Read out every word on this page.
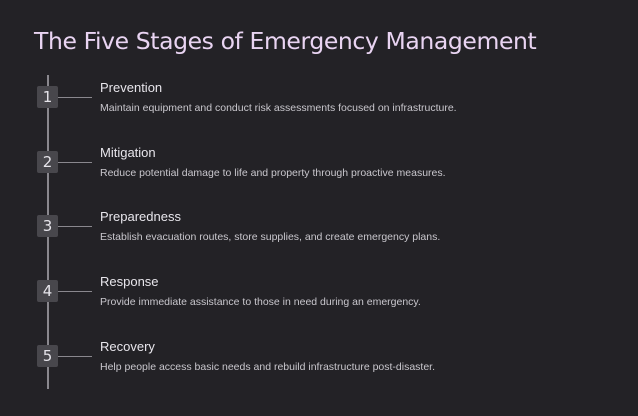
The Five Stages of Emergency Management
1
Prevention
Maintain equipment and conduct risk assessments focused on infrastructure.
2
Mitigation
Reduce potential damage to life and property through proactive measures.
3
Preparedness
Establish evacuation routes, store supplies, and create emergency plans.
4
Response
Provide immediate assistance to those in need during an emergency.
5
Recovery
Help people access basic needs and rebuild infrastructure post-disaster.
